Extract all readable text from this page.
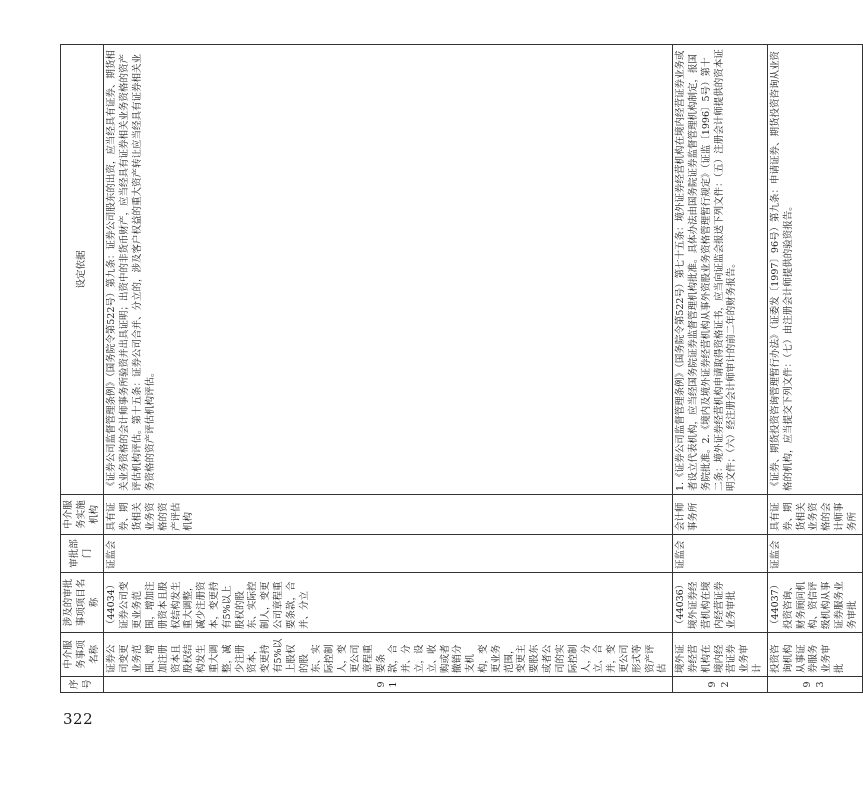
序号	中介服务事项名称	涉及的审批事项项目名称	审批部门	中介服务实施机构	设定依据
91	证券公司变更业务范围、增加注册资本且股权结构发生重大调整，减少注册资本，变更持有5%以上股权的股东、实际控制人，变更公司章程重要条款，合并、分立，设立、收购或者撤销分支机构，变更业务范围，变更主要股东或者公司的实际控制人，分立、合并，变更公司形式等资产评估	（44034）证券公司变更业务范围，增加注册资本且股权结构发生重大调整，减少注册资本，变更持有5%以上股权的股东、实际控制人，变更公司章程重要条款，合并、分立	证监会	具有证券、期货相关业务资格的资产评估机构	《证券公司监督管理条例》（国务院令第522号）第九条：证券公司股东的出资，应当经具有证券、期货相关业务资格的会计师事务所验资并出具证明；出资中的非货币财产，应当经具有证券相关业务资格的资产评估机构评估。第十五条：证券公司合并、分立的，涉及客户权益的重大资产转让应当经具有证券相关业务资格的资产评估机构评估。
92	境外证券经营机构在境内经营证券业务审计	（44036）境外证券经营机构在境内经营证券业务审批	证监会	会计师事务所	1.《证券公司监督管理条例》（国务院令第522号）第七十五条：境外证券经营机构在境内经营证券业务或者设立代表机构，应当经国务院证券监督管理机构批准。具体办法由国务院证券监督管理机构制定，报国务院批准。2.《境内及境外证券经营机构从事外资股业务资格管理暂行规定》（证监〔1996〕5号）第十二条：境外证券经营机构申请取得资格证书，应当向证监会报送下列文件：（五）注册会计师提供的资本证明文件；（六）经注册会计师审计的前二年的财务报告。
93	投资咨询机构从事证券服务业务审批	（44037）投资咨询、财务顾问机构、资信评级机构从事证券服务业务审批	证监会	具有证券、期货相关业务资格的会计师事务所	《证券、期货投资咨询管理暂行办法》（证委发〔1997〕96号）第九条：申请证券、期货投资咨询从业资格的机构，应当提交下列文件：（七）由注册会计师提供的验资报告。
322
